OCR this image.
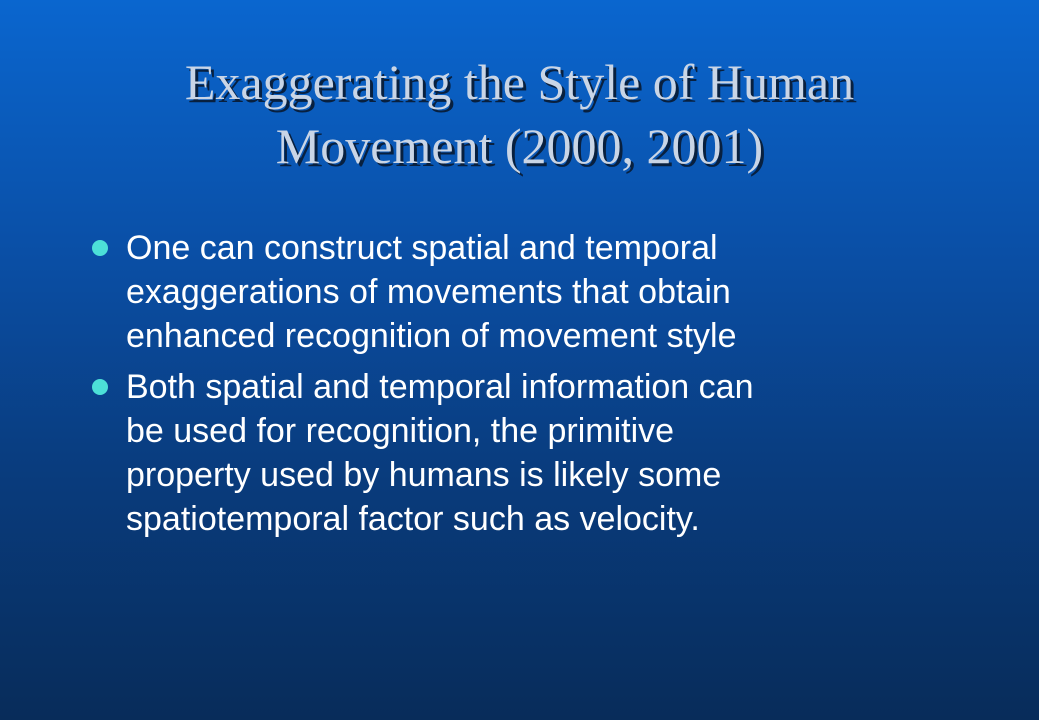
Exaggerating the Style of Human
Movement (2000, 2001)
One can construct spatial and temporal
exaggerations of movements that obtain
enhanced recognition of movement style
Both spatial and temporal information can
be used for recognition, the primitive
property used by humans is likely some
spatiotemporal factor such as velocity.
